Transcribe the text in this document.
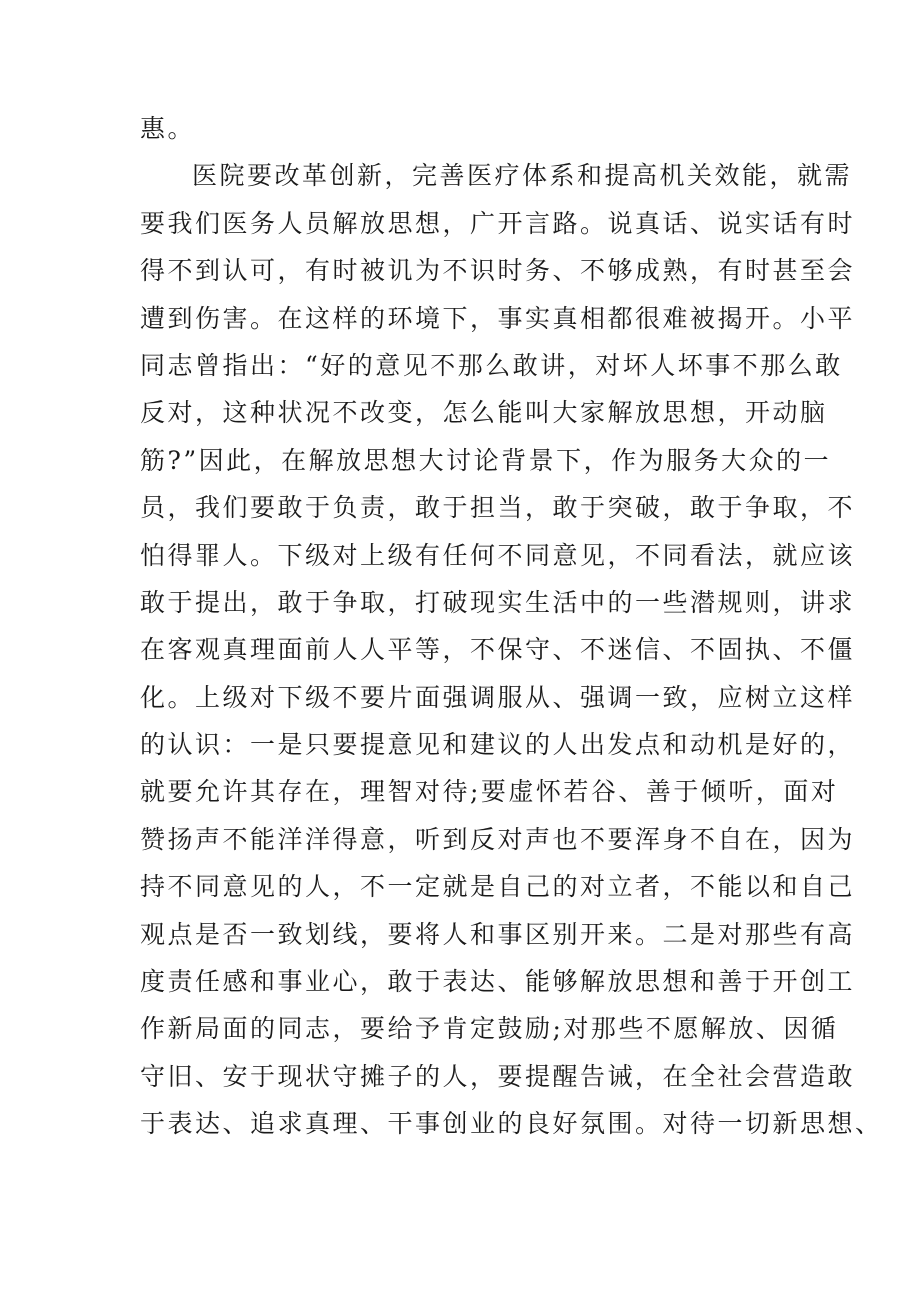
惠。
医院要改革创新，完善医疗体系和提高机关效能，就需
要我们医务人员解放思想，广开言路。说真话、说实话有时
得不到认可，有时被讥为不识时务、不够成熟，有时甚至会
遭到伤害。在这样的环境下，事实真相都很难被揭开。小平
同志曾指出：“好的意见不那么敢讲，对坏人坏事不那么敢
反对，这种状况不改变，怎么能叫大家解放思想，开动脑
筋?”因此，在解放思想大讨论背景下，作为服务大众的一
员，我们要敢于负责，敢于担当，敢于突破，敢于争取，不
怕得罪人。下级对上级有任何不同意见，不同看法，就应该
敢于提出，敢于争取，打破现实生活中的一些潜规则，讲求
在客观真理面前人人平等，不保守、不迷信、不固执、不僵
化。上级对下级不要片面强调服从、强调一致，应树立这样
的认识：一是只要提意见和建议的人出发点和动机是好的，
就要允许其存在，理智对待;要虚怀若谷、善于倾听，面对
赞扬声不能洋洋得意，听到反对声也不要浑身不自在，因为
持不同意见的人，不一定就是自己的对立者，不能以和自己
观点是否一致划线，要将人和事区别开来。二是对那些有高
度责任感和事业心，敢于表达、能够解放思想和善于开创工
作新局面的同志，要给予肯定鼓励;对那些不愿解放、因循
守旧、安于现状守摊子的人，要提醒告诫，在全社会营造敢
于表达、追求真理、干事创业的良好氛围。对待一切新思想、
